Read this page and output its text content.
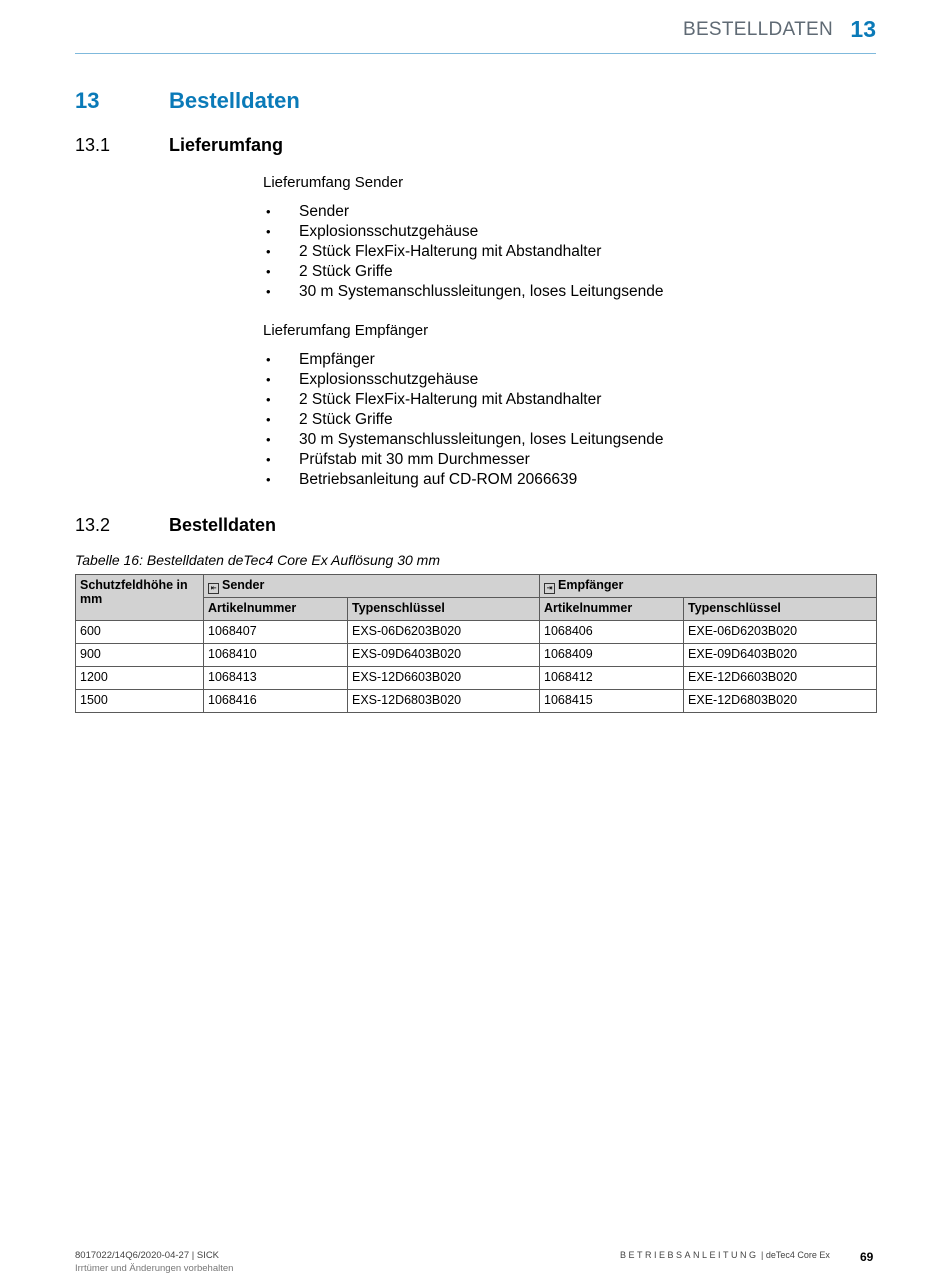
BESTELLDATEN 13
13	Bestelldaten
13.1	Lieferumfang
Lieferumfang Sender
• Sender
• Explosionsschutzgehäuse
• 2 Stück FlexFix-Halterung mit Abstandhalter
• 2 Stück Griffe
• 30 m Systemanschlussleitungen, loses Leitungsende
Lieferumfang Empfänger
• Empfänger
• Explosionsschutzgehäuse
• 2 Stück FlexFix-Halterung mit Abstandhalter
• 2 Stück Griffe
• 30 m Systemanschlussleitungen, loses Leitungsende
• Prüfstab mit 30 mm Durchmesser
• Betriebsanleitung auf CD-ROM 2066639
13.2	Bestelldaten
Tabelle 16: Bestelldaten deTec4 Core Ex Auflösung 30 mm
Schutzfeldhöhe in mm	⇤ Sender		⇥ Empfänger	
	Artikelnummer	Typenschlüssel	Artikelnummer	Typenschlüssel
600	1068407	EXS-06D6203B020	1068406	EXE-06D6203B020
900	1068410	EXS-09D6403B020	1068409	EXE-09D6403B020
1200	1068413	EXS-12D6603B020	1068412	EXE-12D6603B020
1500	1068416	EXS-12D6803B020	1068415	EXE-12D6803B020
8017022/14Q6/2020-04-27 | SICK
Irrtümer und Änderungen vorbehalten
BETRIEBSANLEITUNG | deTec4 Core Ex	69
